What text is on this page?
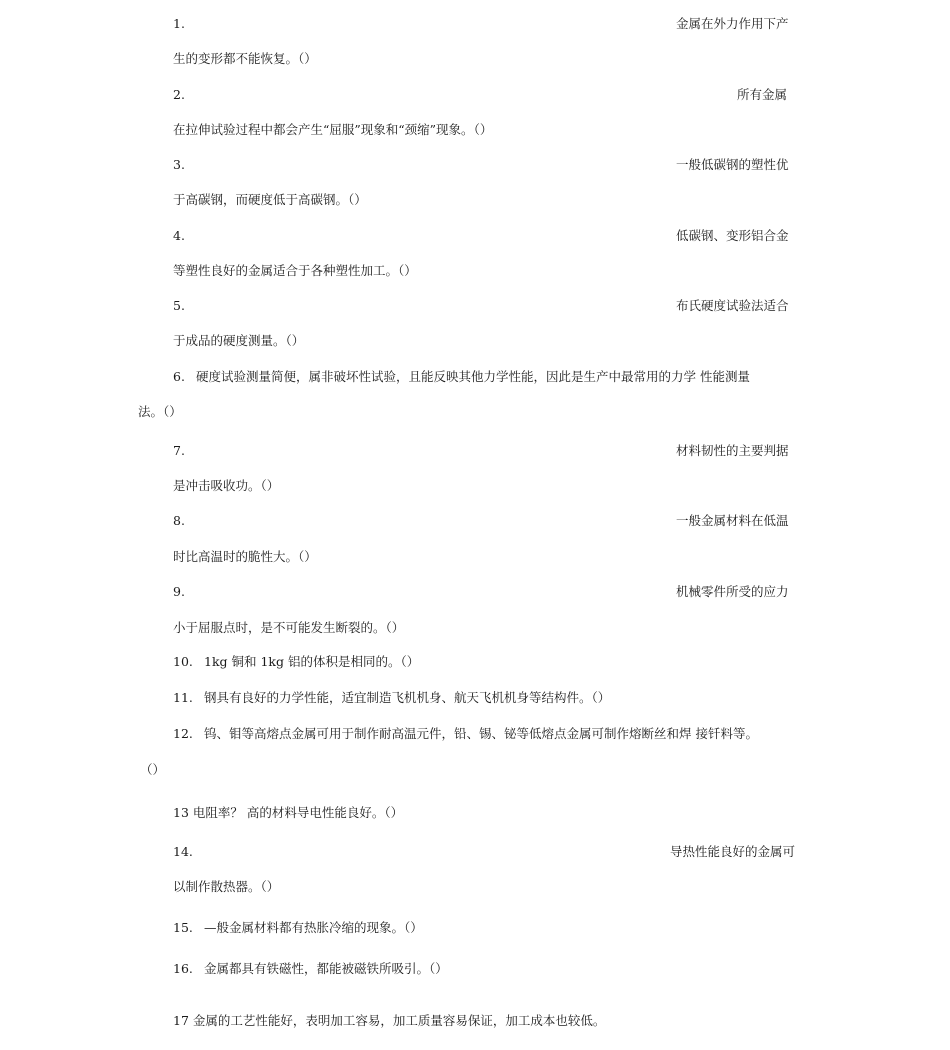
1.	金属在外力作用下产
生的变形都不能恢复。（）
2.	所有金属
在拉伸试验过程中都会产生“屈服”现象和“颈缩”现象。（）
3.	一般低碳钢的塑性优
于高碳钢，而硬度低于高碳钢。（）
4.	低碳钢、变形铝合金
等塑性良好的金属适合于各种塑性加工。（）
5.	布氏硬度试验法适合
于成品的硬度测量。（）
6. 硬度试验测量简便，属非破坏性试验，且能反映其他力学性能，因此是生产中最常用的力学 性能测量
法。（）
7.	材料韧性的主要判据
是冲击吸收功。（）
8.	一般金属材料在低温
时比高温时的脆性大。（）
9.	机械零件所受的应力
小于屈服点时，是不可能发生断裂的。（）
10. 1kg 铜和 1kg 铝的体积是相同的。（）
11. 钢具有良好的力学性能，适宜制造飞机机身、航天飞机机身等结构件。（）
12. 钨、钼等高熔点金属可用于制作耐高温元件，铅、锡、铋等低熔点金属可制作熔断丝和焊 接钎料等。
（）
13 电阻率？ 高的材料导电性能良好。（）
14.	导热性能良好的金属可
以制作散热器。（）
15. —般金属材料都有热胀冷缩的现象。（）
16. 金属都具有铁磁性，都能被磁铁所吸引。（）
17 金属的工艺性能好，表明加工容易，加工质量容易保证，加工成本也较低。
